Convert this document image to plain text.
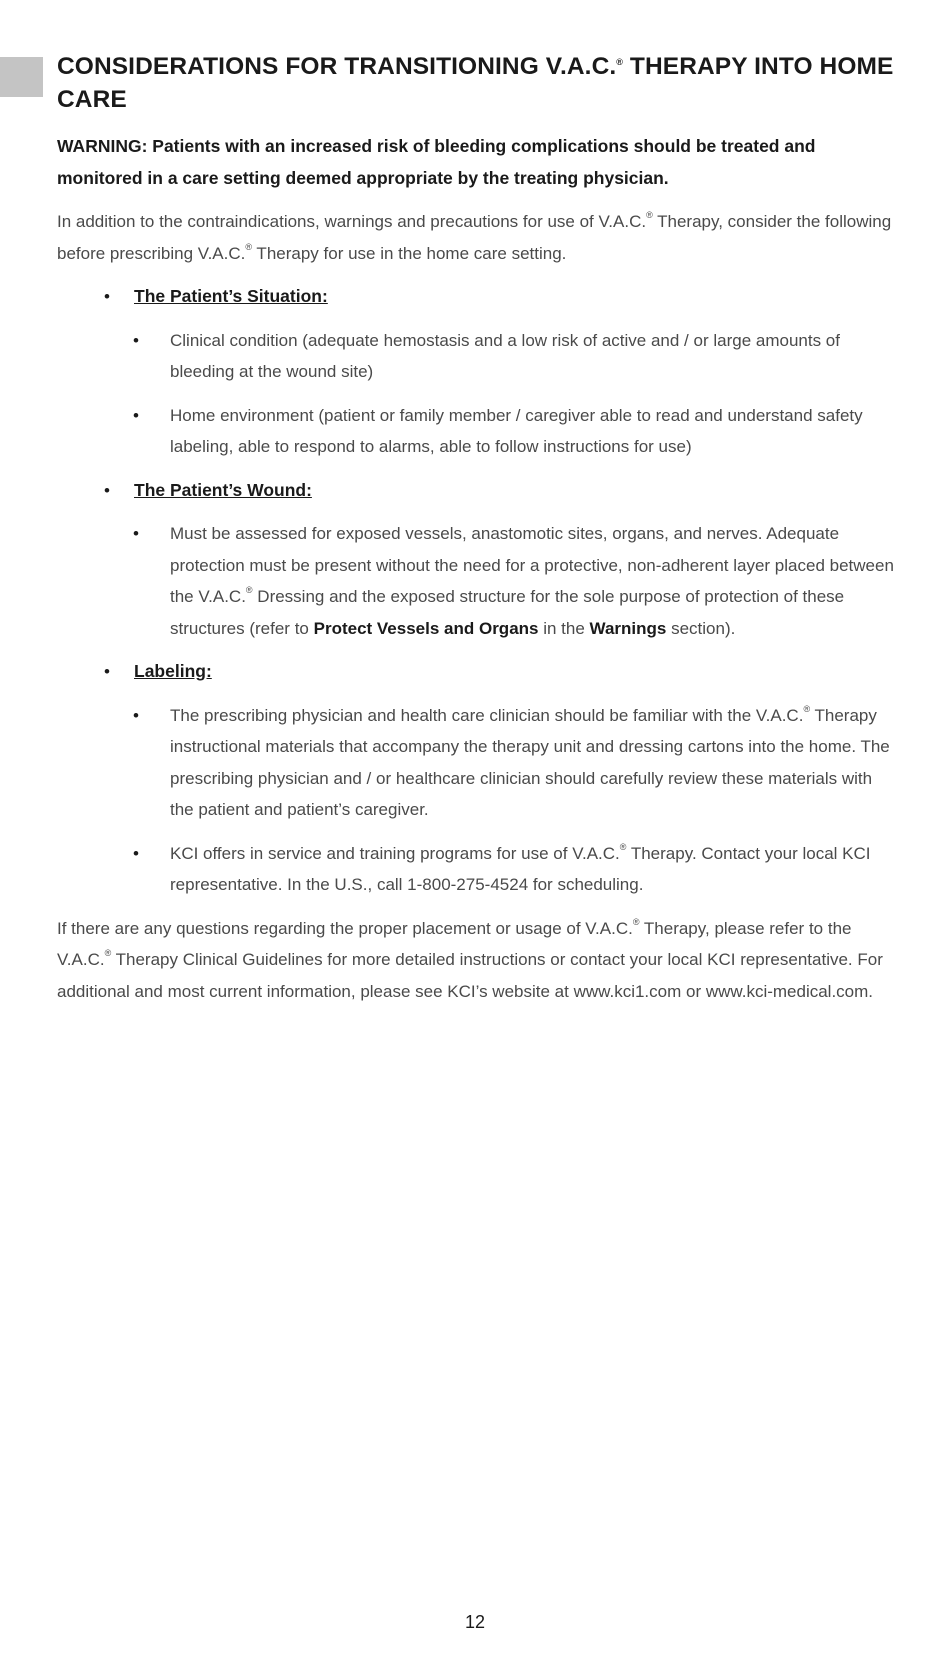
CONSIDERATIONS FOR TRANSITIONING V.A.C.® THERAPY INTO HOME CARE

WARNING: Patients with an increased risk of bleeding complications should be treated and monitored in a care setting deemed appropriate by the treating physician.

In addition to the contraindications, warnings and precautions for use of V.A.C.® Therapy, consider the following before prescribing V.A.C.® Therapy for use in the home care setting.

• The Patient’s Situation:
• Clinical condition (adequate hemostasis and a low risk of active and / or large amounts of bleeding at the wound site)
• Home environment (patient or family member / caregiver able to read and understand safety labeling, able to respond to alarms, able to follow instructions for use)
• The Patient’s Wound:
• Must be assessed for exposed vessels, anastomotic sites, organs, and nerves. Adequate protection must be present without the need for a protective, non-adherent layer placed between the V.A.C.® Dressing and the exposed structure for the sole purpose of protection of these structures (refer to Protect Vessels and Organs in the Warnings section).
• Labeling:
• The prescribing physician and health care clinician should be familiar with the V.A.C.® Therapy instructional materials that accompany the therapy unit and dressing cartons into the home. The prescribing physician and / or healthcare clinician should carefully review these materials with the patient and patient’s caregiver.
• KCI offers in service and training programs for use of V.A.C.® Therapy. Contact your local KCI representative. In the U.S., call 1-800-275-4524 for scheduling.

If there are any questions regarding the proper placement or usage of V.A.C.® Therapy, please refer to the V.A.C.® Therapy Clinical Guidelines for more detailed instructions or contact your local KCI representative. For additional and most current information, please see KCI’s website at www.kci1.com or www.kci-medical.com.

12
